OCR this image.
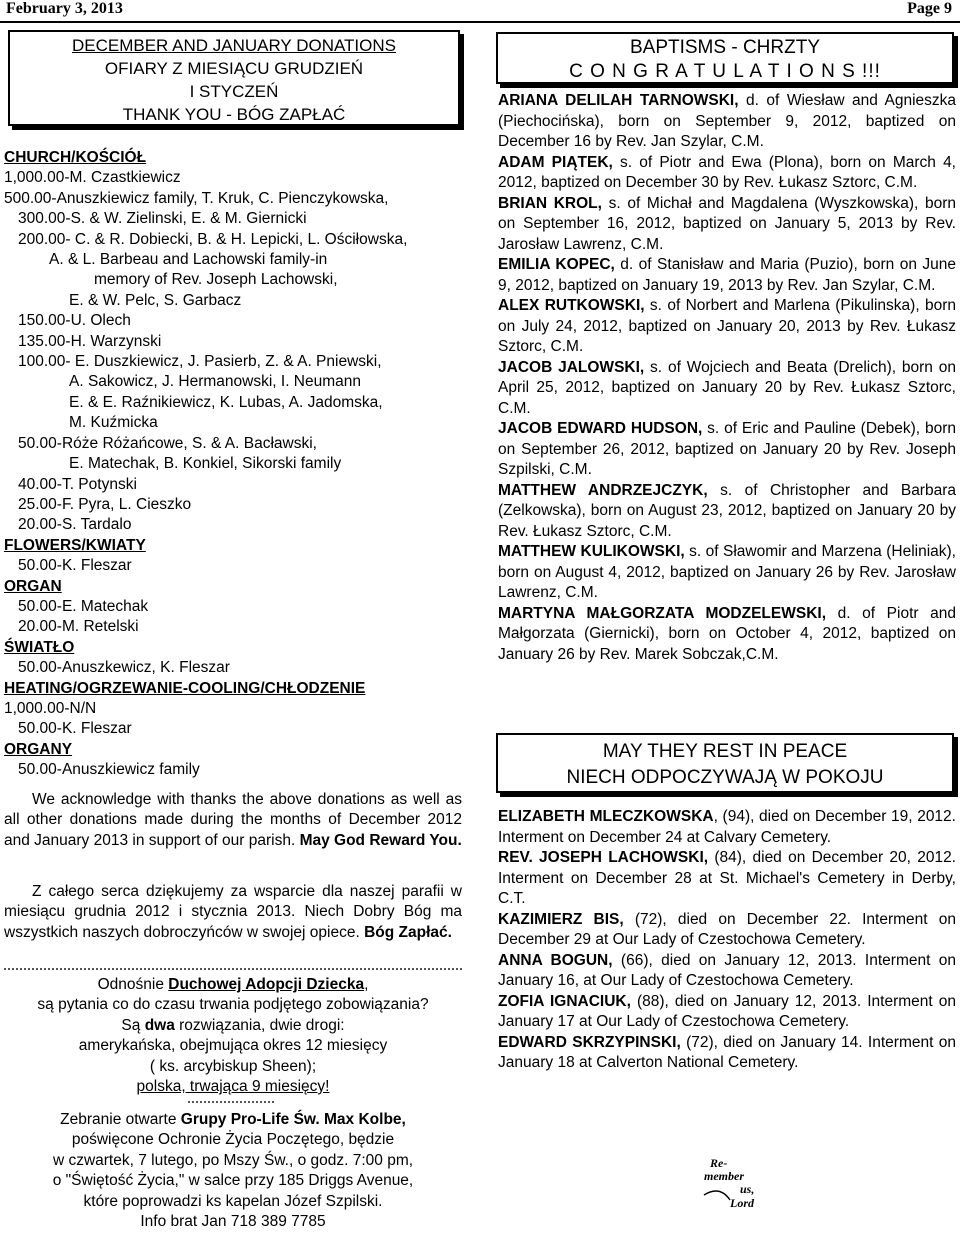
February 3, 2013	Page 9
DECEMBER AND JANUARY DONATIONS
OFIARY Z MIESIĄCU GRUDZIEŃ
I STYCZEŃ
THANK YOU - BÓG ZAPŁAĆ
CHURCH/KOŚCIÓŁ
1,000.00-M. Czastkiewicz
500.00-Anuszkiewicz family, T. Kruk, C. Pienczykowska,
300.00-S. & W. Zielinski, E. & M. Giernicki
200.00- C. & R. Dobiecki, B. & H. Lepicki, L. Ościłowska,
A. & L. Barbeau and Lachowski family-in
memory of Rev. Joseph Lachowski,
E. & W. Pelc, S. Garbacz
150.00-U. Olech
135.00-H. Warzynski
100.00- E. Duszkiewicz, J. Pasierb, Z. & A. Pniewski,
A. Sakowicz, J. Hermanowski, I. Neumann
E. & E. Raźnikiewicz, K. Lubas, A. Jadomska,
M. Kuźmicka
50.00-Róże Różańcowe, S. & A. Bacławski,
E. Matechak, B. Konkiel, Sikorski family
40.00-T. Potynski
25.00-F. Pyra, L. Cieszko
20.00-S. Tardalo
FLOWERS/KWIATY
50.00-K. Fleszar
ORGAN
50.00-E. Matechak
20.00-M. Retelski
ŚWIATŁO
50.00-Anuszkewicz, K. Fleszar
HEATING/OGRZEWANIE-COOLING/CHŁODZENIE
1,000.00-N/N
50.00-K. Fleszar
ORGANY
50.00-Anuszkiewicz family
We acknowledge with thanks the above donations as well as all other donations made during the months of December 2012 and January 2013 in support of our parish. May God Reward You.
Z całego serca dziękujemy za wsparcie dla naszej parafii w miesiącu grudnia 2012 i stycznia 2013. Niech Dobry Bóg ma wszystkich naszych dobroczyńców w swojej opiece. Bóg Zapłać.
Odnośnie Duchowej Adopcji Dziecka,
są pytania co do czasu trwania podjętego zobowiązania?
Są dwa rozwiązania, dwie drogi:
amerykańska, obejmująca okres 12 miesięcy
( ks. arcybiskup Sheen);
polska, trwająca 9 miesięcy!
Zebranie otwarte Grupy Pro-Life Św. Max Kolbe,
poświęcone Ochronie Życia Poczętego, będzie
w czwartek, 7 lutego, po Mszy Św., o godz. 7:00 pm,
o "Świętość Życia," w salce przy 185 Driggs Avenue,
które poprowadzi ks kapelan Józef Szpilski.
Info brat Jan 718 389 7785
BAPTISMS - CHRZTY
C O N G R A T U L A T I O N S !!!

ARIANA DELILAH TARNOWSKI, d. of Wiesław and Agnieszka (Piechocińska), born on September 9, 2012, baptized on December 16 by Rev. Jan Szylar, C.M.

ADAM PIĄTEK, s. of Piotr and Ewa (Plona), born on March 4, 2012, baptized on December 30 by Rev. Łukasz Sztorc, C.M.

BRIAN KROL, s. of Michał and Magdalena (Wyszkowska), born on September 16, 2012, baptized on January 5, 2013 by Rev. Jarosław Lawrenz, C.M.

EMILIA KOPEC, d. of Stanisław and Maria (Puzio), born on June 9, 2012, baptized on January 19, 2013 by Rev. Jan Szylar, C.M.

ALEX RUTKOWSKI, s. of Norbert and Marlena (Pikulinska), born on July 24, 2012, baptized on January 20, 2013 by Rev. Łukasz Sztorc, C.M.

JACOB JALOWSKI, s. of Wojciech and Beata (Drelich), born on April 25, 2012, baptized on January 20 by Rev. Łukasz Sztorc, C.M.

JACOB EDWARD HUDSON, s. of Eric and Pauline (Debek), born on September 26, 2012, baptized on January 20 by Rev. Joseph Szpilski, C.M.

MATTHEW ANDRZEJCZYK, s. of Christopher and Barbara (Zelkowska), born on August 23, 2012, baptized on January 20 by Rev. Łukasz Sztorc, C.M.

MATTHEW KULIKOWSKI, s. of Sławomir and Marzena (Heliniak), born on August 4, 2012, baptized on January 26 by Rev. Jarosław Lawrenz, C.M.

MARTYNA MAŁGORZATA MODZELEWSKI, d. of Piotr and Małgorzata (Giernicki), born on October 4, 2012, baptized on January 26 by Rev. Marek Sobczak,C.M.

MAY THEY REST IN PEACE
NIECH ODPOCZYWAJĄ W POKOJU

ELIZABETH MLECZKOWSKA, (94), died on December 19, 2012. Interment on December 24 at Calvary Cemetery.

REV. JOSEPH LACHOWSKI, (84), died on December 20, 2012. Interment on December 28 at St. Michael's Cemetery in Derby, C.T.

KAZIMIERZ BIS, (72), died on December 22. Interment on December 29 at Our Lady of Czestochowa Cemetery.

ANNA BOGUN, (66), died on January 12, 2013. Interment on January 16, at Our Lady of Czestochowa Cemetery.

ZOFIA IGNACIUK, (88), died on January 12, 2013. Interment on January 17 at Our Lady of Czestochowa Cemetery.

EDWARD SKRZYPINSKI, (72), died on January 14. Interment on January 18 at Calverton National Cemetery.

Re-
member
us,
Lord
